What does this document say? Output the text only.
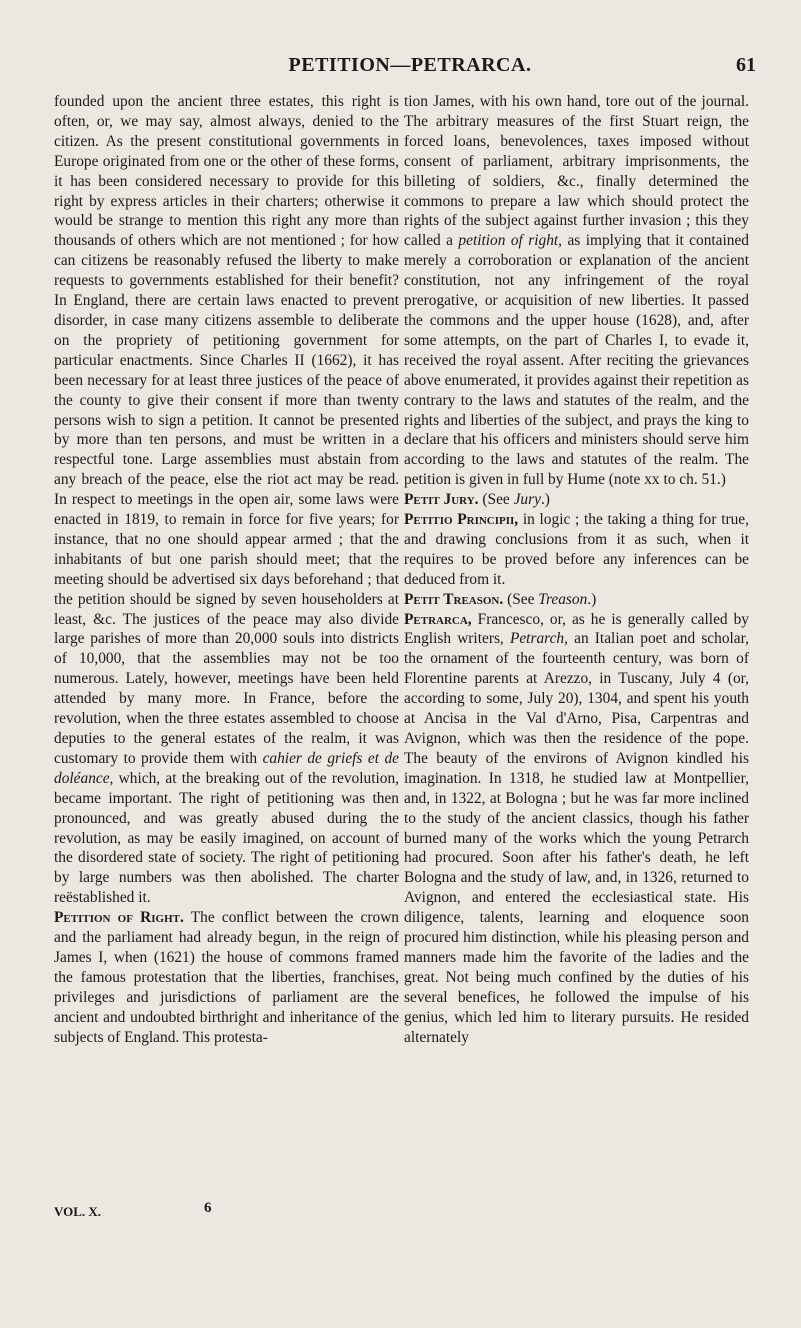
PETITION—PETRARCA.	61

founded upon the ancient three estates, this right is often, or, we may say, almost always, denied to the citizen. As the present constitutional governments in Europe originated from one or the other of these forms, it has been considered necessary to provide for this right by express articles in their charters; otherwise it would be strange to mention this right any more than thousands of others which are not mentioned ; for how can citizens be reasonably refused the liberty to make requests to governments established for their benefit? In England, there are certain laws enacted to prevent disorder, in case many citizens assemble to deliberate on the propriety of petitioning government for particular enactments. Since Charles II (1662), it has been necessary for at least three justices of the peace of the county to give their consent if more than twenty persons wish to sign a petition. It cannot be presented by more than ten persons, and must be written in a respectful tone. Large assemblies must abstain from any breach of the peace, else the riot act may be read. In respect to meetings in the open air, some laws were enacted in 1819, to remain in force for five years; for instance, that no one should appear armed ; that the inhabitants of but one parish should meet; that the meeting should be advertised six days beforehand ; that the petition should be signed by seven householders at least, &c. The justices of the peace may also divide large parishes of more than 20,000 souls into districts of 10,000, that the assemblies may not be too numerous. Lately, however, meetings have been held attended by many more. In France, before the revolution, when the three estates assembled to choose deputies to the general estates of the realm, it was customary to provide them with cahier de griefs et de doléance, which, at the breaking out of the revolution, became important. The right of petitioning was then pronounced, and was greatly abused during the revolution, as may be easily imagined, on account of the disordered state of society. The right of petitioning by large numbers was then abolished. The charter reëstablished it.

Petition of Right. The conflict between the crown and the parliament had already begun, in the reign of James I, when (1621) the house of commons framed the famous protestation that the liberties, franchises, privileges and jurisdictions of parliament are the ancient and undoubted birthright and inheritance of the subjects of England. This protesta-

tion James, with his own hand, tore out of the journal. The arbitrary measures of the first Stuart reign, the forced loans, benevolences, taxes imposed without consent of parliament, arbitrary imprisonments, the billeting of soldiers, &c., finally determined the commons to prepare a law which should protect the rights of the subject against further invasion ; this they called a petition of right, as implying that it contained merely a corroboration or explanation of the ancient constitution, not any infringement of the royal prerogative, or acquisition of new liberties. It passed the commons and the upper house (1628), and, after some attempts, on the part of Charles I, to evade it, received the royal assent. After reciting the grievances above enumerated, it provides against their repetition as contrary to the laws and statutes of the realm, and the rights and liberties of the subject, and prays the king to declare that his officers and ministers should serve him according to the laws and statutes of the realm. The petition is given in full by Hume (note xx to ch. 51.)

Petit Jury. (See Jury.)

Petitio Principii, in logic ; the taking a thing for true, and drawing conclusions from it as such, when it requires to be proved before any inferences can be deduced from it.

Petit Treason. (See Treason.)

Petrarca, Francesco, or, as he is generally called by English writers, Petrarch, an Italian poet and scholar, the ornament of the fourteenth century, was born of Florentine parents at Arezzo, in Tuscany, July 4 (or, according to some, July 20), 1304, and spent his youth at Ancisa in the Val d'Arno, Pisa, Carpentras and Avignon, which was then the residence of the pope. The beauty of the environs of Avignon kindled his imagination. In 1318, he studied law at Montpellier, and, in 1322, at Bologna ; but he was far more inclined to the study of the ancient classics, though his father burned many of the works which the young Petrarch had procured. Soon after his father's death, he left Bologna and the study of law, and, in 1326, returned to Avignon, and entered the ecclesiastical state. His diligence, talents, learning and eloquence soon procured him distinction, while his pleasing person and manners made him the favorite of the ladies and the great. Not being much confined by the duties of his several benefices, he followed the impulse of his genius, which led him to literary pursuits. He resided alternately

VOL. X.	6
